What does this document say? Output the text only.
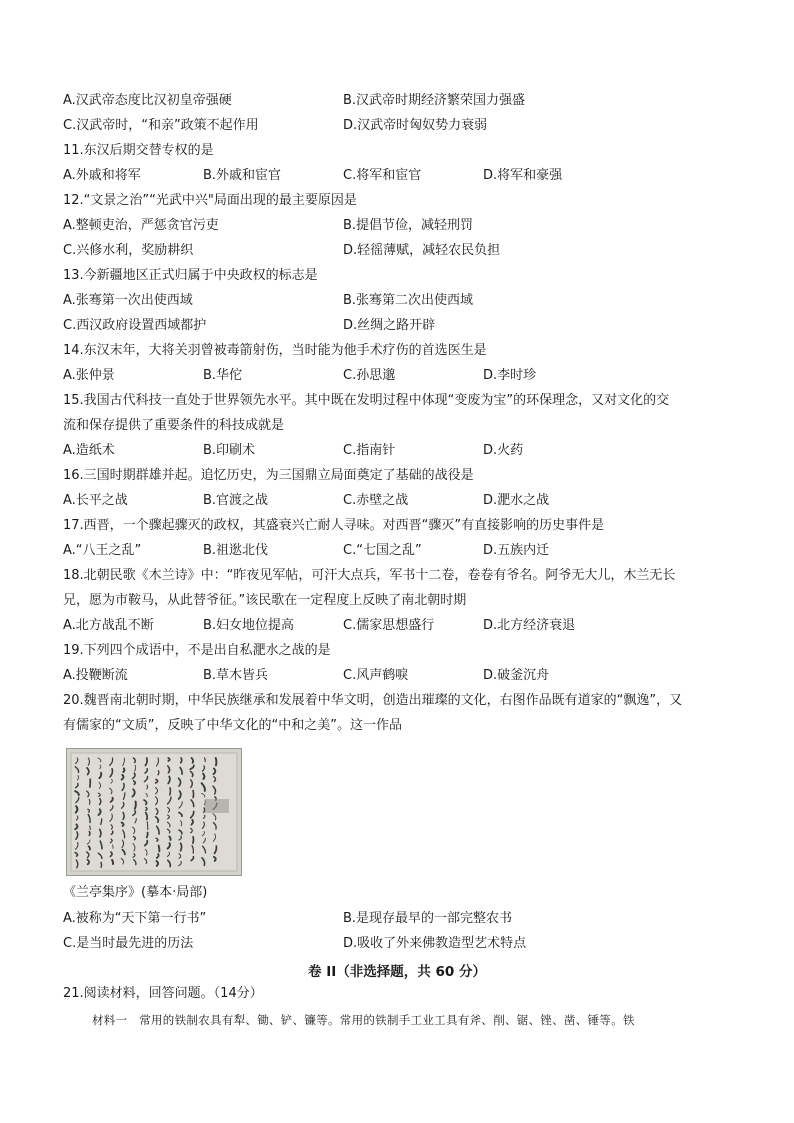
A.汉武帝态度比汉初皇帝强硬	B.汉武帝时期经济繁荣国力强盛
C.汉武帝时，“和亲”政策不起作用	D.汉武帝时匈奴势力衰弱
11.东汉后期交替专权的是
A.外戚和将军	B.外戚和宦官	C.将军和宦官	D.将军和豪强
12.“文景之治”“光武中兴"局面出现的最主要原因是
A.整顿吏治，严惩贪官污吏	B.提倡节俭，减轻刑罚
C.兴修水利，奖励耕织	D.轻徭薄赋，减轻农民负担
13.今新疆地区正式归属于中央政权的标志是
A.张骞第一次出使西域	B.张骞第二次出使西域
C.西汉政府设置西域都护	D.丝绸之路开辟
14.东汉末年，大将关羽曾被毒箭射伤，当时能为他手术疗伤的首选医生是
A.张仲景	B.华佗	C.孙思邈	D.李时珍
15.我国古代科技一直处于世界领先水平。其中既在发明过程中体现“变废为宝”的环保理念，又对文化的交
流和保存提供了重要条件的科技成就是
A.造纸术	B.印刷术	C.指南针	D.火药
16.三国时期群雄并起。追忆历史，为三国鼎立局面奠定了基础的战役是
A.长平之战	B.官渡之战	C.赤壁之战	D.淝水之战
17.西晋，一个骤起骤灭的政权，其盛衰兴亡耐人寻味。对西晋“骤灭”有直接影响的历史事件是
A.“八王之乱”	B.祖逖北伐	C.“七国之乱”	D.五族内迁
18.北朝民歌《木兰诗》中：“昨夜见军帖，可汗大点兵，军书十二卷，卷卷有爷名。阿爷无大儿，木兰无长
兄，愿为市鞍马，从此替爷征。”该民歌在一定程度上反映了南北朝时期
A.北方战乱不断	B.妇女地位提高	C.儒家思想盛行	D.北方经济衰退
19.下列四个成语中，不是出自私淝水之战的是
A.投鞭断流	B.草木皆兵	C.风声鹤唳	D.破釜沉舟
20.魏晋南北朝时期，中华民族继承和发展着中华文明，创造出璀璨的文化，右图作品既有道家的“飘逸”，又
有儒家的“文质”，反映了中华文化的“中和之美”。这一作品
《兰亭集序》(摹本·局部)
A.被称为“天下第一行书”	B.是现存最早的一部完整农书
C.是当时最先进的历法	D.吸收了外来佛教造型艺术特点
卷 II（非选择题，共 60 分）
21.阅读材料，回答问题。（14分）
材料一　常用的铁制农具有犁、锄、铲、镰等。常用的铁制手工业工具有斧、削、锯、锉、凿、锤等。铁
